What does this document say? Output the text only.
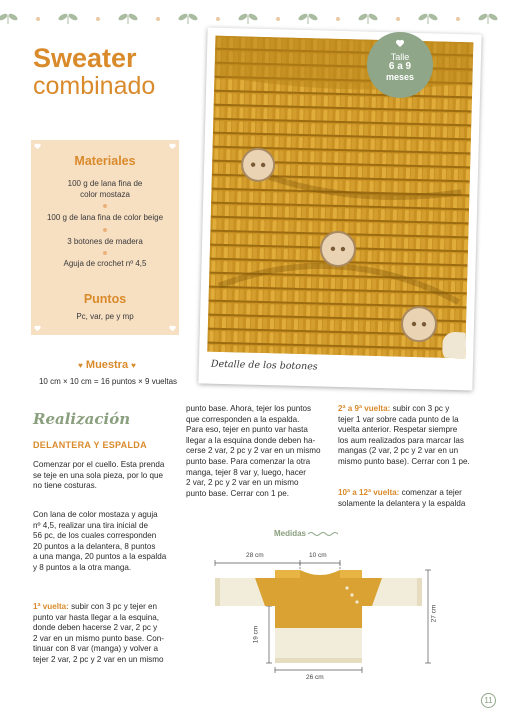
Sweater
combinado
Materiales
100 g de lana fina de
color mostaza
100 g de lana fina de color beige
3 botones de madera
Aguja de crochet nº 4,5
Puntos
Pc, var, pe y mp
♥ Muestra ♥
10 cm × 10 cm = 16 puntos × 9 vueltas
Detalle de los botones
Talle
6 a 9
meses
Realización
DELANTERA Y ESPALDA
Comenzar por el cuello. Esta prenda
se teje en una sola pieza, por lo que
no tiene costuras.
Con lana de color mostaza y aguja
nº 4,5, realizar una tira inicial de
56 pc, de los cuales corresponden
20 puntos a la delantera, 8 puntos
a una manga, 20 puntos a la espalda
y 8 puntos a la otra manga.
1ª vuelta: subir con 3 pc y tejer en
punto var hasta llegar a la esquina,
donde deben hacerse 2 var, 2 pc y
2 var en un mismo punto base. Con-
tinuar con 8 var (manga) y volver a
tejer 2 var, 2 pc y 2 var en un mismo
punto base. Ahora, tejer los puntos
que corresponden a la espalda.
Para eso, tejer en punto var hasta
llegar a la esquina donde deben ha-
cerse 2 var, 2 pc y 2 var en un mismo
punto base. Para comenzar la otra
manga, tejer 8 var y, luego, hacer
2 var, 2 pc y 2 var en un mismo
punto base. Cerrar con 1 pe.
2ª a 9ª vuelta: subir con 3 pc y
tejer 1 var sobre cada punto de la
vuelta anterior. Respetar siempre
los aum realizados para marcar las
mangas (2 var, 2 pc y 2 var en un
mismo punto base). Cerrar con 1 pe.
10ª a 12ª vuelta: comenzar a tejer
solamente la delantera y la espalda
Medidas
28 cm	10 cm
26 cm
19 cm
27 cm
11
